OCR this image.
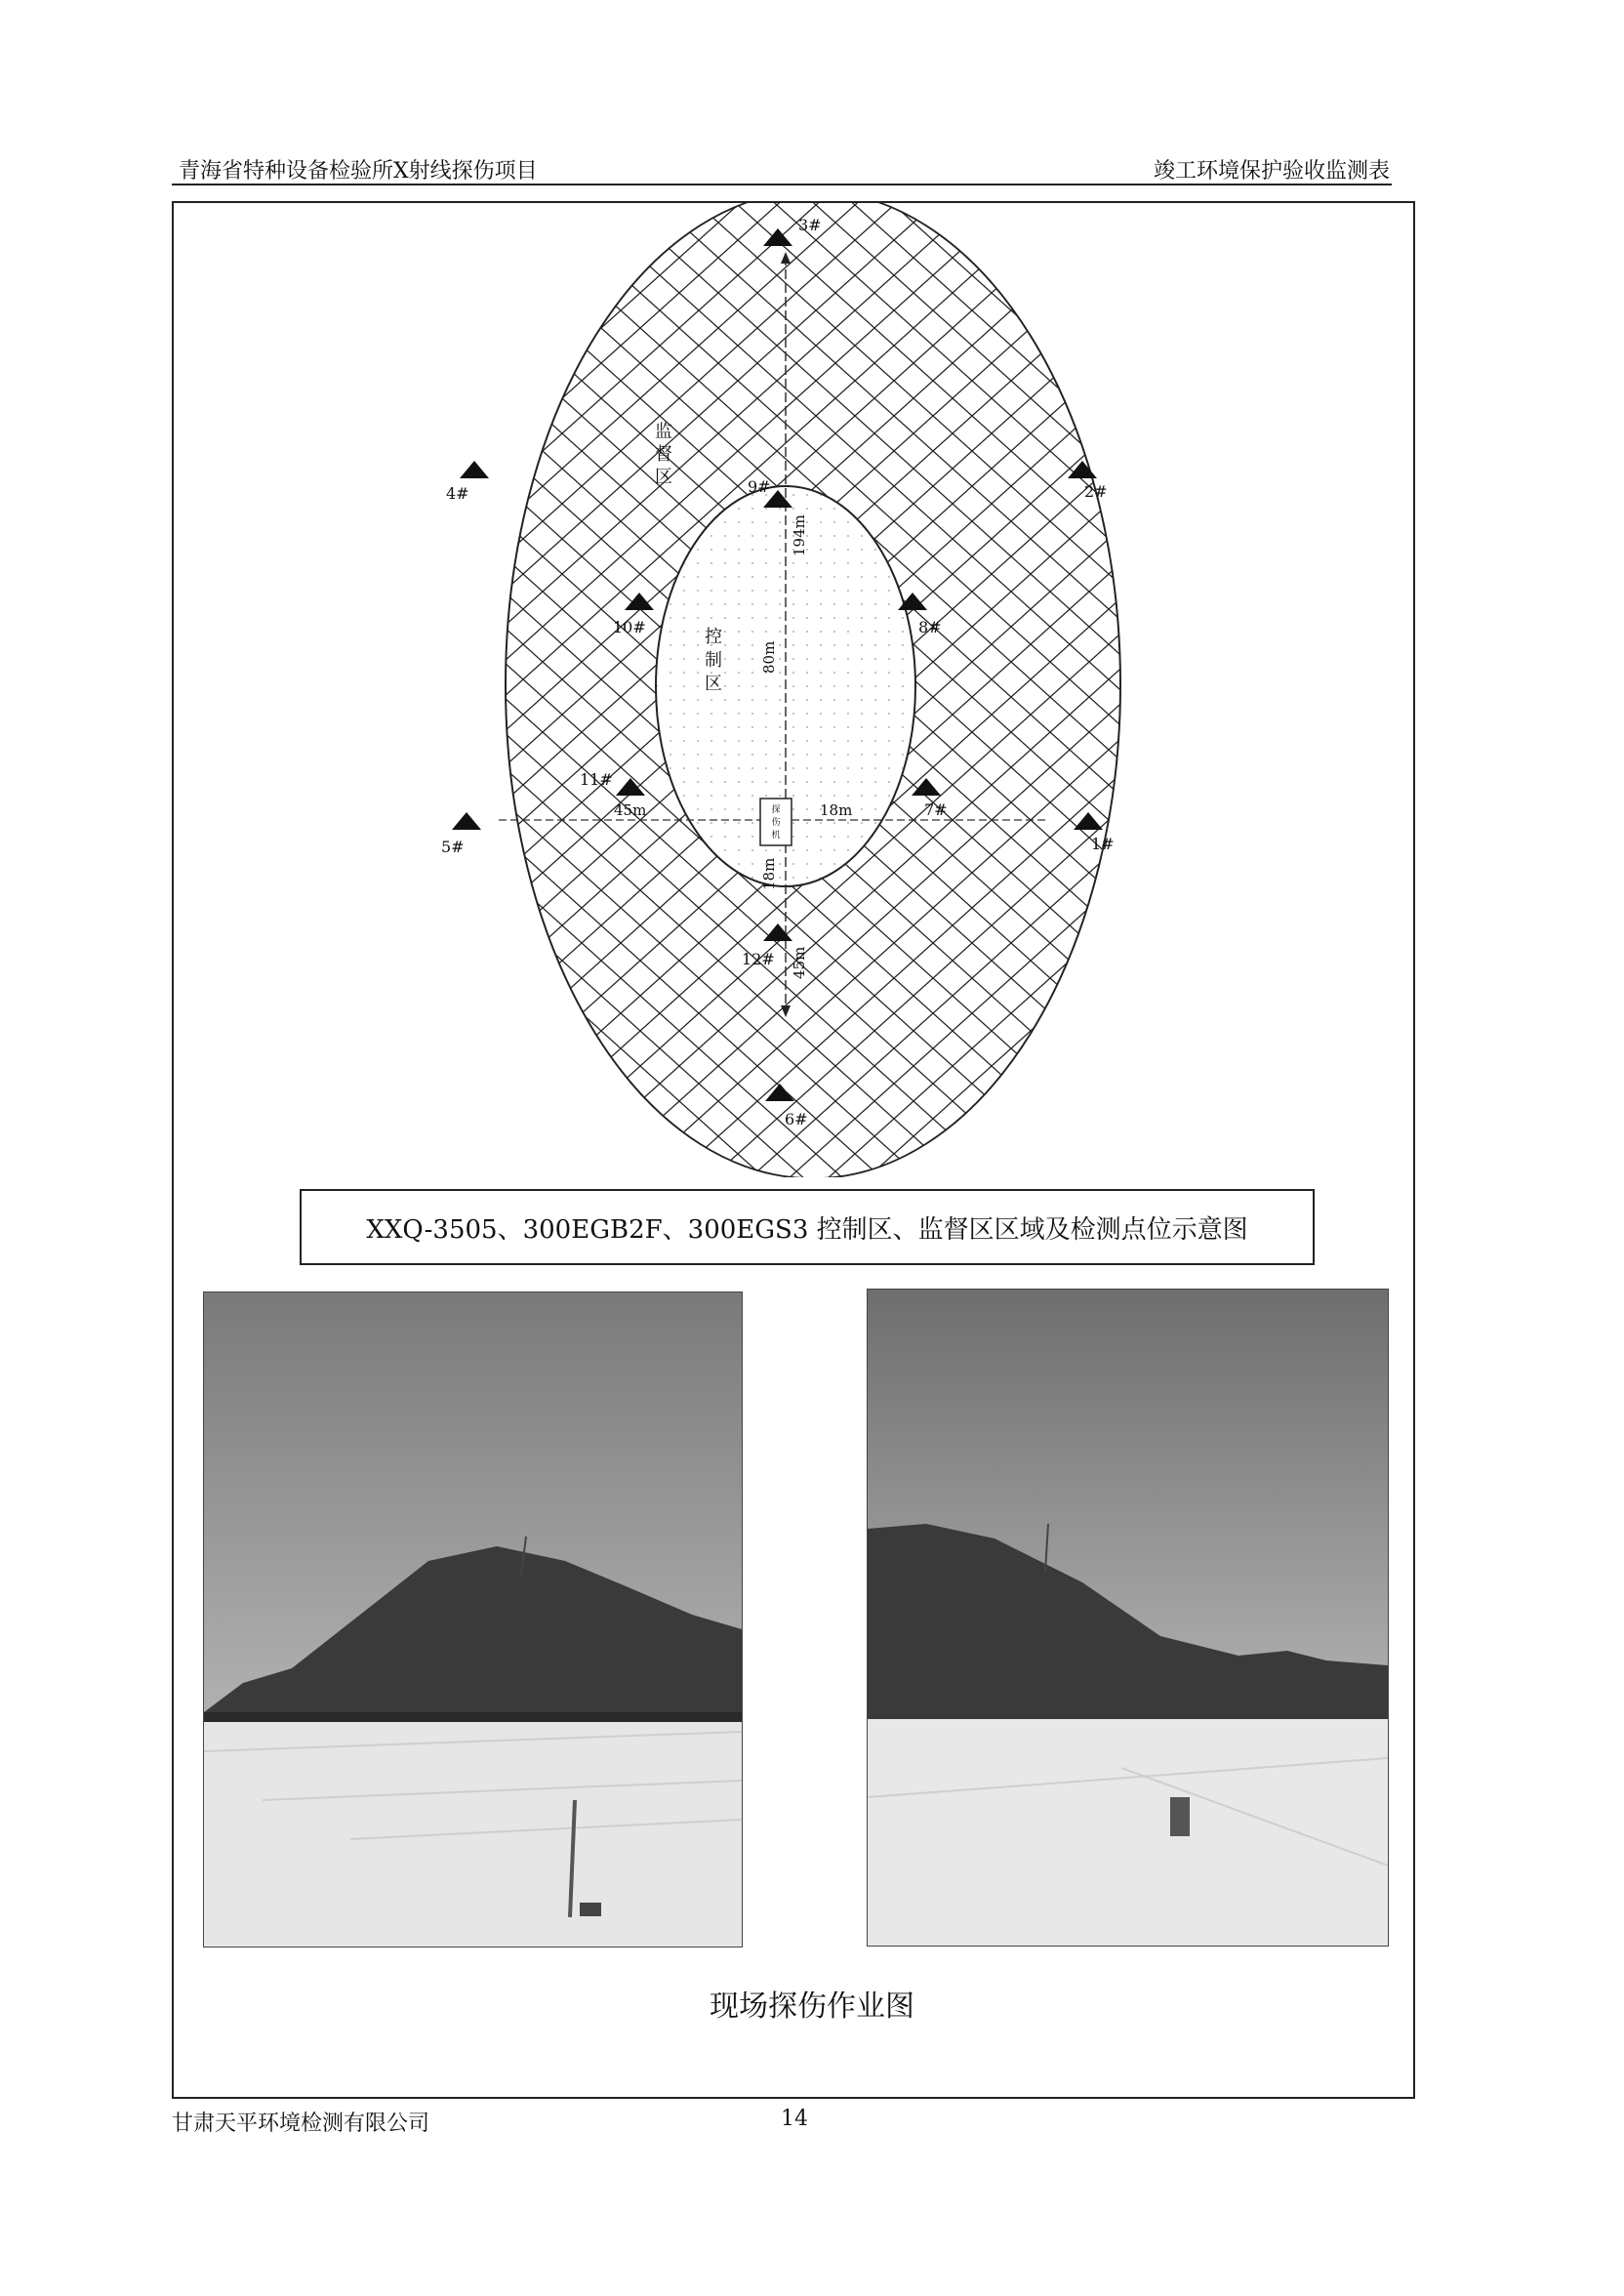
青海省特种设备检验所X射线探伤项目	竣工环境保护验收监测表
探
伤
机
监
督
区
控
制
区
194m
80m
18m
45m
18m
45m
3#
2#
4#	9#
10#	8#
11#
7#
5#	1#
12#
6#
XXQ-3505、300EGB2F、300EGS3 控制区、监督区区域及检测点位示意图
现场探伤作业图
甘肃天平环境检测有限公司	14
